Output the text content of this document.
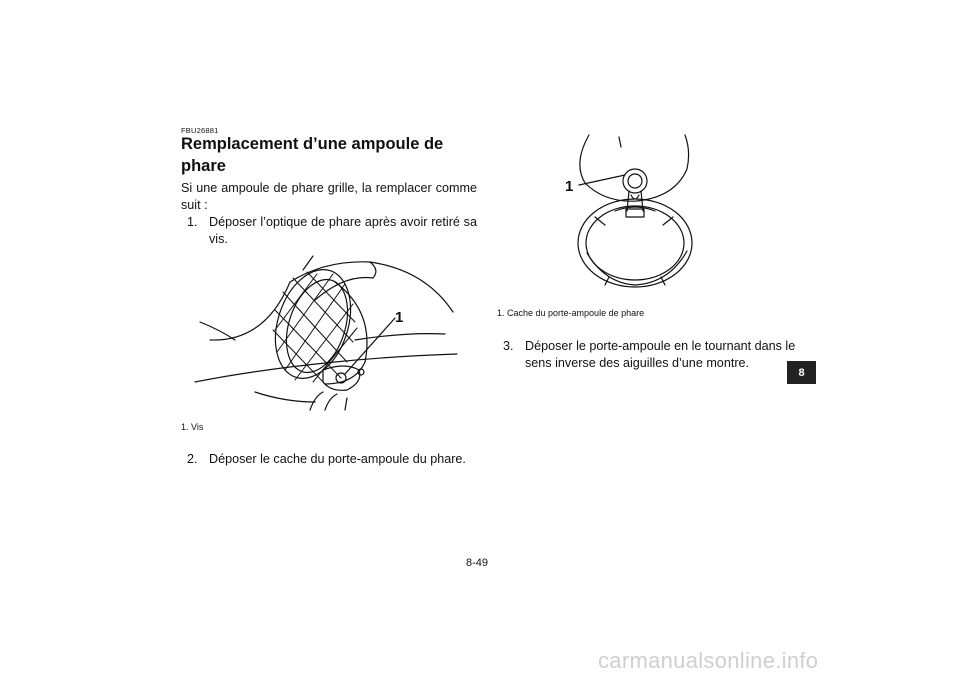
FBU26881
Remplacement d’une ampoule de phare
Si une ampoule de phare grille, la remplacer comme suit :
1. Déposer l’optique de phare après avoir retiré sa vis.
1
1. Vis
2. Déposer le cache du porte-ampoule du phare.
1
1. Cache du porte-ampoule de phare
3. Déposer le porte-ampoule en le tournant dans le sens inverse des aiguilles d’une montre.
8
8-49
carmanualsonline.info
